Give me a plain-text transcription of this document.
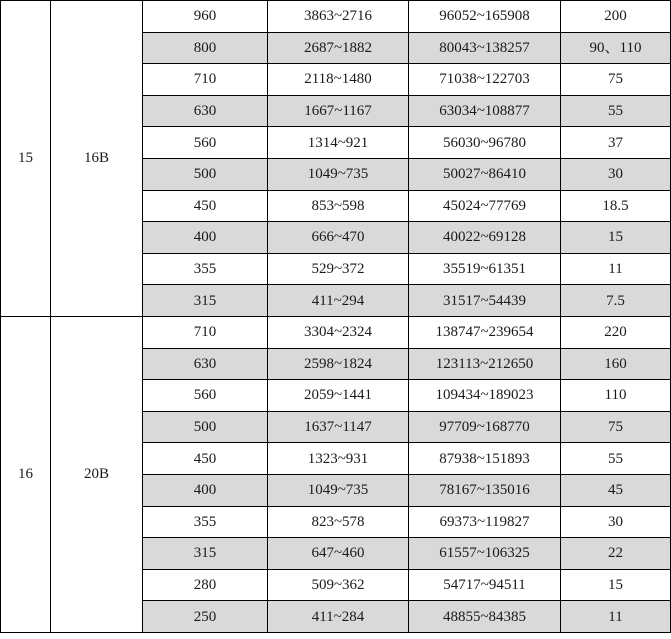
15	16B	960	3863~2716	96052~165908	200
		800	2687~1882	80043~138257	90、110
		710	2118~1480	71038~122703	75
		630	1667~1167	63034~108877	55
		560	1314~921	56030~96780	37
		500	1049~735	50027~86410	30
		450	853~598	45024~77769	18.5
		400	666~470	40022~69128	15
		355	529~372	35519~61351	11
		315	411~294	31517~54439	7.5
16	20B	710	3304~2324	138747~239654	220
		630	2598~1824	123113~212650	160
		560	2059~1441	109434~189023	110
		500	1637~1147	97709~168770	75
		450	1323~931	87938~151893	55
		400	1049~735	78167~135016	45
		355	823~578	69373~119827	30
		315	647~460	61557~106325	22
		280	509~362	54717~94511	15
		250	411~284	48855~84385	11
